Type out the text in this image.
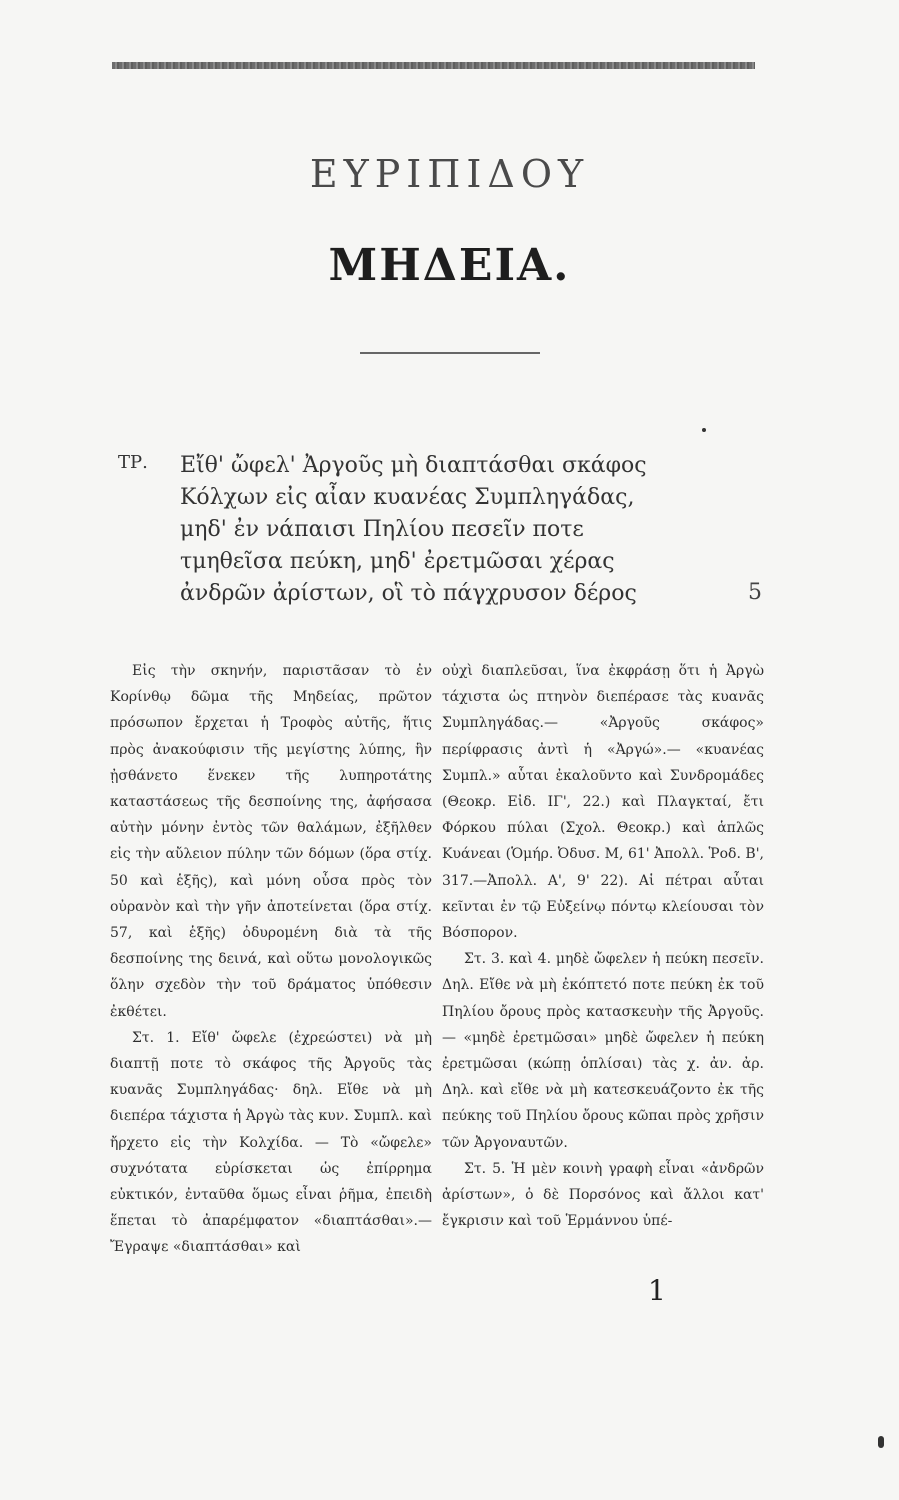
ΕΥΡΙΠΙΔΟΥ
ΜΗΔΕΙΑ.
ΤΡ. Εἴθ' ὤφελ' Ἀργοῦς μὴ διαπτάσθαι σκάφος
Κόλχων εἰς αἶαν κυανέας Συμπληγάδας,
μηδ' ἐν νάπαισι Πηλίου πεσεῖν ποτε
τμηθεῖσα πεύκη, μηδ' ἐρετμῶσαι χέρας
ἀνδρῶν ἀρίστων, οἳ τὸ πάγχρυσον δέρος	5

Εἰς τὴν σκηνήν, παριστᾶσαν τὸ ἐν Κορίνθῳ δῶμα τῆς Μηδείας, πρῶτον πρόσωπον ἔρχεται ἡ Τροφὸς αὐτῆς, ἥτις πρὸς ἀνακούφισιν τῆς μεγίστης λύπης, ἣν ᾐσθάνετο ἕνεκεν τῆς λυπηροτάτης καταστάσεως τῆς δεσποίνης της, ἀφήσασα αὐτὴν μόνην ἐντὸς τῶν θαλάμων, ἐξῆλθεν εἰς τὴν αὔλειον πύλην τῶν δόμων (ὅρα στίχ. 50 καὶ ἑξῆς), καὶ μόνη οὖσα πρὸς τὸν οὐρανὸν καὶ τὴν γῆν ἀποτείνεται (ὅρα στίχ. 57, καὶ ἑξῆς) ὀδυρομένη διὰ τὰ τῆς δεσποίνης της δεινά, καὶ οὕτω μονολογικῶς ὅλην σχεδὸν τὴν τοῦ δράματος ὑπόθεσιν ἐκθέτει.

Στ. 1. Εἴθ' ὤφελε (ἐχρεώστει) νὰ μὴ διαπτῇ ποτε τὸ σκάφος τῆς Ἀργοῦς τὰς κυανᾶς Συμπληγάδας· δηλ. Εἴθε νὰ μὴ διεπέρα τάχιστα ἡ Ἀργὼ τὰς κυν. Συμπλ. καὶ ἤρχετο εἰς τὴν Κολχίδα. — Τὸ «ὤφελε» συχνότατα εὑρίσκεται ὡς ἐπίρρημα εὐκτικόν, ἐνταῦθα ὅμως εἶναι ῥῆμα, ἐπειδὴ ἕπεται τὸ ἀπαρέμφατον «διαπτάσθαι».—Ἔγραψε «διαπτάσθαι» καὶ

οὐχὶ διαπλεῦσαι, ἵνα ἐκφράσῃ ὅτι ἡ Ἀργὼ τάχιστα ὡς πτηνὸν διεπέρασε τὰς κυανᾶς Συμπληγάδας.— «Ἀργοῦς σκάφος» περίφρασις ἀντὶ ἡ «Ἀργώ».— «κυανέας Συμπλ.» αὗται ἐκαλοῦντο καὶ Συνδρομάδες (Θεοκρ. Εἰδ. ΙΓ', 22.) καὶ Πλαγκταί, ἔτι Φόρκου πύλαι (Σχολ. Θεοκρ.) καὶ ἁπλῶς Κυάνεαι (Ὁμήρ. Ὀδυσ. Μ, 61' Ἀπολλ. Ῥοδ. Β', 317.—Ἀπολλ. Α', 9' 22). Αἱ πέτραι αὗται κεῖνται ἐν τῷ Εὐξείνῳ πόντῳ κλείουσαι τὸν Βόσπορον.

Στ. 3. καὶ 4. μηδὲ ὤφελεν ἡ πεύκη πεσεῖν. Δηλ. Εἴθε νὰ μὴ ἐκόπτετό ποτε πεύκη ἐκ τοῦ Πηλίου ὄρους πρὸς κατασκευὴν τῆς Ἀργοῦς.— «μηδὲ ἐρετμῶσαι» μηδὲ ὤφελεν ἡ πεύκη ἐρετμῶσαι (κώπῃ ὁπλίσαι) τὰς χ. ἀν. ἀρ. Δηλ. καὶ εἴθε νὰ μὴ κατεσκευάζοντο ἐκ τῆς πεύκης τοῦ Πηλίου ὄρους κῶπαι πρὸς χρῆσιν τῶν Ἀργοναυτῶν.

Στ. 5. Ἡ μὲν κοινὴ γραφὴ εἶναι «ἀνδρῶν ἀρίστων», ὁ δὲ Πορσόνος καὶ ἄλλοι κατ' ἔγκρισιν καὶ τοῦ Ἑρμάννου ὑπέ-

1
